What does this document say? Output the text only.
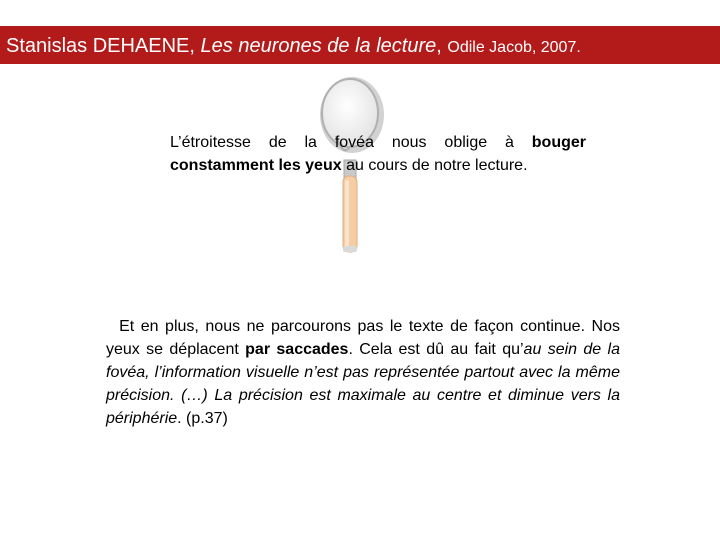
Stanislas DEHAENE, Les neurones de la lecture, Odile Jacob, 2007.
L’étroitesse de la fovéa nous oblige à bouger constamment les yeux au cours de notre lecture.
Et en plus, nous ne parcourons pas le texte de façon continue. Nos yeux se déplacent par saccades. Cela est dû au fait qu’au sein de la fovéa, l’information visuelle n’est pas représentée partout avec la même précision. (…) La précision est maximale au centre et diminue vers la périphérie. (p.37)
